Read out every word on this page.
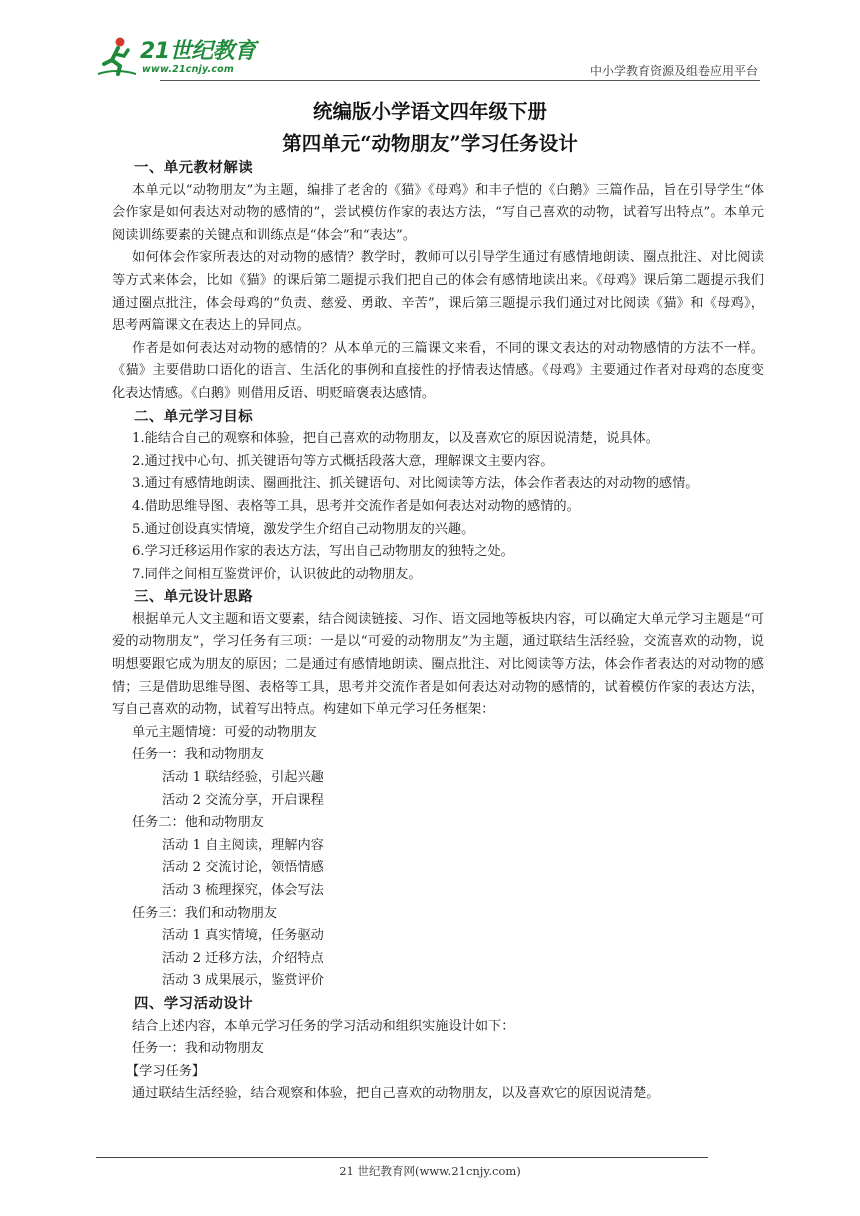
21世纪教育
www.21cnjy.com	中小学教育资源及组卷应用平台
统编版小学语文四年级下册
第四单元“动物朋友”学习任务设计

一、单元教材解读

本单元以“动物朋友”为主题，编排了老舍的《猫》《母鸡》和丰子恺的《白鹅》三篇作品，旨在引导学生“体会作家是如何表达对动物的感情的”，尝试模仿作家的表达方法，“写自己喜欢的动物，试着写出特点”。本单元阅读训练要素的关键点和训练点是“体会”和“表达”。

如何体会作家所表达的对动物的感情？教学时，教师可以引导学生通过有感情地朗读、圈点批注、对比阅读等方式来体会，比如《猫》的课后第二题提示我们把自己的体会有感情地读出来。《母鸡》课后第二题提示我们通过圈点批注，体会母鸡的“负责、慈爱、勇敢、辛苦”，课后第三题提示我们通过对比阅读《猫》和《母鸡》，思考两篇课文在表达上的异同点。

作者是如何表达对动物的感情的？从本单元的三篇课文来看，不同的课文表达的对动物感情的方法不一样。《猫》主要借助口语化的语言、生活化的事例和直接性的抒情表达情感。《母鸡》主要通过作者对母鸡的态度变化表达情感。《白鹅》则借用反语、明贬暗褒表达感情。

二、单元学习目标

1.能结合自己的观察和体验，把自己喜欢的动物朋友，以及喜欢它的原因说清楚，说具体。

2.通过找中心句、抓关键语句等方式概括段落大意，理解课文主要内容。

3.通过有感情地朗读、圈画批注、抓关键语句、对比阅读等方法，体会作者表达的对动物的感情。

4.借助思维导图、表格等工具，思考并交流作者是如何表达对动物的感情的。

5.通过创设真实情境，激发学生介绍自己动物朋友的兴趣。

6.学习迁移运用作家的表达方法，写出自己动物朋友的独特之处。

7.同伴之间相互鉴赏评价，认识彼此的动物朋友。

三、单元设计思路

根据单元人文主题和语文要素，结合阅读链接、习作、语文园地等板块内容，可以确定大单元学习主题是“可爱的动物朋友”，学习任务有三项：一是以“可爱的动物朋友”为主题，通过联结生活经验，交流喜欢的动物，说明想要跟它成为朋友的原因；二是通过有感情地朗读、圈点批注、对比阅读等方法，体会作者表达的对动物的感情；三是借助思维导图、表格等工具，思考并交流作者是如何表达对动物的感情的，试着模仿作家的表达方法，写自己喜欢的动物，试着写出特点。构建如下单元学习任务框架：

单元主题情境：可爱的动物朋友

任务一：我和动物朋友

活动 1 联结经验，引起兴趣

活动 2 交流分享，开启课程

任务二：他和动物朋友

活动 1 自主阅读，理解内容

活动 2 交流讨论，领悟情感

活动 3 梳理探究，体会写法

任务三：我们和动物朋友

活动 1 真实情境，任务驱动

活动 2 迁移方法，介绍特点

活动 3 成果展示，鉴赏评价

四、学习活动设计

结合上述内容，本单元学习任务的学习活动和组织实施设计如下：

任务一：我和动物朋友

【学习任务】

通过联结生活经验，结合观察和体验，把自己喜欢的动物朋友，以及喜欢它的原因说清楚。

21 世纪教育网(www.21cnjy.com)
